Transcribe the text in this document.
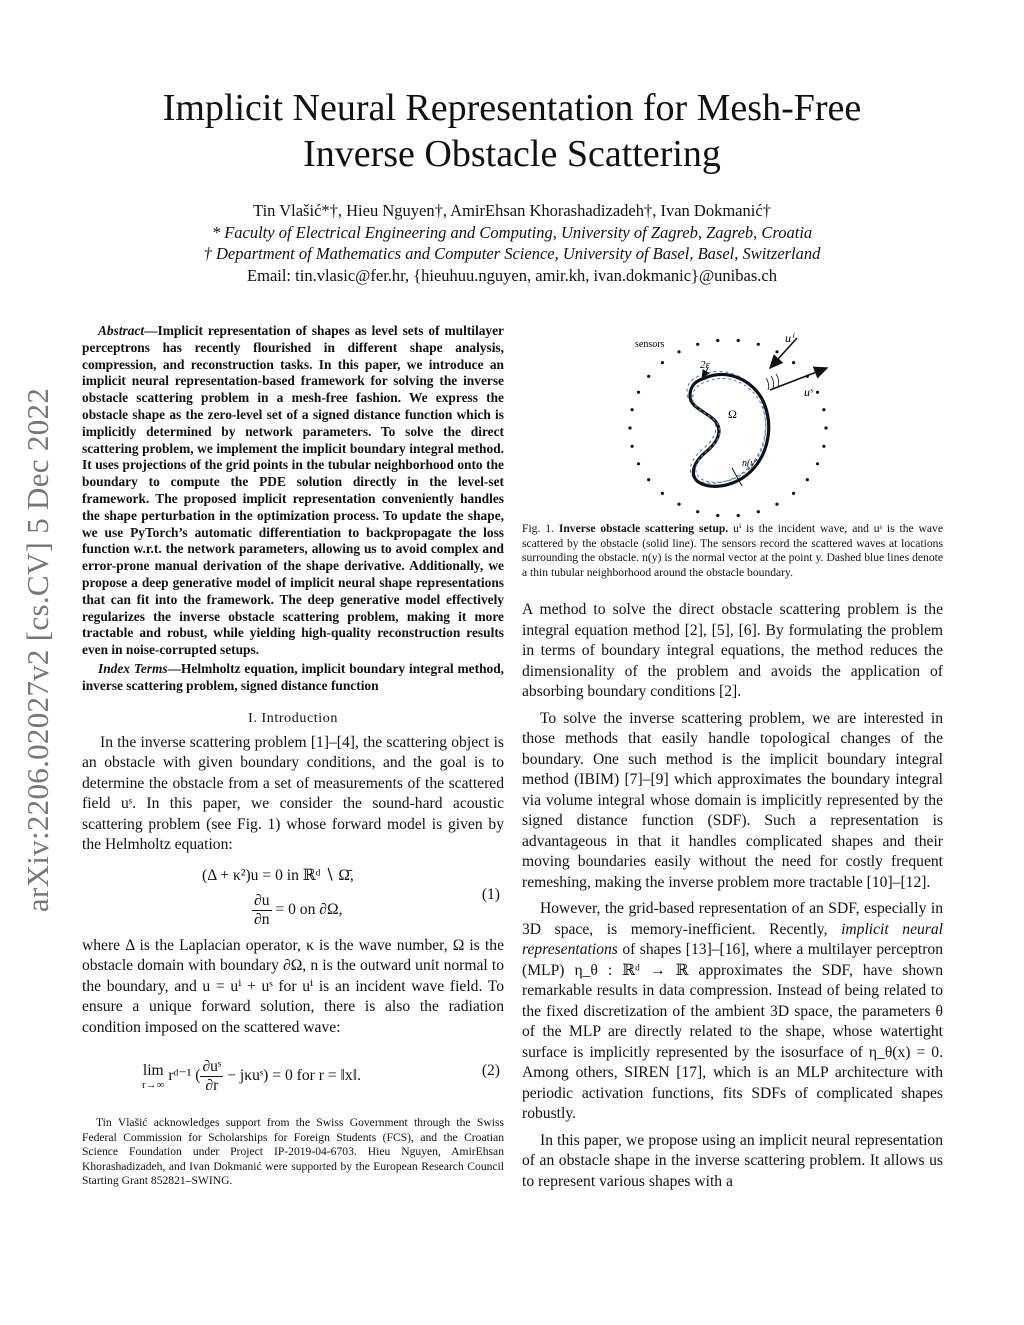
arXiv:2206.02027v2 [cs.CV] 5 Dec 2022
Implicit Neural Representation for Mesh-Free
Inverse Obstacle Scattering
Tin Vlašić*†, Hieu Nguyen†, AmirEhsan Khorashadizadeh†, Ivan Dokmanić†
* Faculty of Electrical Engineering and Computing, University of Zagreb, Zagreb, Croatia
† Department of Mathematics and Computer Science, University of Basel, Basel, Switzerland
Email: tin.vlasic@fer.hr, {hieuhuu.nguyen, amir.kh, ivan.dokmanic}@unibas.ch

Abstract—Implicit representation of shapes as level sets of multilayer perceptrons has recently flourished in different shape analysis, compression, and reconstruction tasks. In this paper, we introduce an implicit neural representation-based framework for solving the inverse obstacle scattering problem in a mesh-free fashion. We express the obstacle shape as the zero-level set of a signed distance function which is implicitly determined by network parameters. To solve the direct scattering problem, we implement the implicit boundary integral method. It uses projections of the grid points in the tubular neighborhood onto the boundary to compute the PDE solution directly in the level-set framework. The proposed implicit representation conveniently handles the shape perturbation in the optimization process. To update the shape, we use PyTorch’s automatic differentiation to backpropagate the loss function w.r.t. the network parameters, allowing us to avoid complex and error-prone manual derivation of the shape derivative. Additionally, we propose a deep generative model of implicit neural shape representations that can fit into the framework. The deep generative model effectively regularizes the inverse obstacle scattering problem, making it more tractable and robust, while yielding high-quality reconstruction results even in noise-corrupted setups.

Index Terms—Helmholtz equation, implicit boundary integral method, inverse scattering problem, signed distance function

I. Introduction

In the inverse scattering problem [1]–[4], the scattering object is an obstacle with given boundary conditions, and the goal is to determine the obstacle from a set of measurements of the scattered field uˢ. In this paper, we consider the sound-hard acoustic scattering problem (see Fig. 1) whose forward model is given by the Helmholtz equation:

(Δ + κ²)u = 0 in ℝᵈ ∖ Ω̄,
$\frac{\partial u}{\partial n} = 0$ on ∂Ω,
(1)

where Δ is the Laplacian operator, κ is the wave number, Ω is the obstacle domain with boundary ∂Ω, n is the outward unit normal to the boundary, and u = uⁱ + uˢ for uⁱ is an incident wave field. To ensure a unique forward solution, there is also the radiation condition imposed on the scattered wave:

lim
r→∞
rᵈ⁻¹ ( $\frac{\text{∂uˢ}}{\partial r}$ − jκuˢ) = 0 for r = ‖x‖.	(2)

Tin Vlašić acknowledges support from the Swiss Government through the Swiss Federal Commission for Scholarships for Foreign Students (FCS), and the Croatian Science Foundation under Project IP-2019-04-6703. Hieu Nguyen, AmirEhsan Khorashadizadeh, and Ivan Dokmanić were supported by the European Research Council Starting Grant 852821–SWING.

sensors	uⁱ
uˢ
2ε
Ω
n(y)

Fig. 1. Inverse obstacle scattering setup. uⁱ is the incident wave, and uˢ is the wave scattered by the obstacle (solid line). The sensors record the scattered waves at locations surrounding the obstacle. n(y) is the normal vector at the point y. Dashed blue lines denote a thin tubular neighborhood around the obstacle boundary.

A method to solve the direct obstacle scattering problem is the integral equation method [2], [5], [6]. By formulating the problem in terms of boundary integral equations, the method reduces the dimensionality of the problem and avoids the application of absorbing boundary conditions [2].

To solve the inverse scattering problem, we are interested in those methods that easily handle topological changes of the boundary. One such method is the implicit boundary integral method (IBIM) [7]–[9] which approximates the boundary integral via volume integral whose domain is implicitly represented by the signed distance function (SDF). Such a representation is advantageous in that it handles complicated shapes and their moving boundaries easily without the need for costly frequent remeshing, making the inverse problem more tractable [10]–[12].

However, the grid-based representation of an SDF, especially in 3D space, is memory-inefficient. Recently, implicit neural representations of shapes [13]–[16], where a multilayer perceptron (MLP) η_θ : ℝᵈ → ℝ approximates the SDF, have shown remarkable results in data compression. Instead of being related to the fixed discretization of the ambient 3D space, the parameters θ of the MLP are directly related to the shape, whose watertight surface is implicitly represented by the isosurface of η_θ(x) = 0. Among others, SIREN [17], which is an MLP architecture with periodic activation functions, fits SDFs of complicated shapes robustly.

In this paper, we propose using an implicit neural representation of an obstacle shape in the inverse scattering problem. It allows us to represent various shapes with a
